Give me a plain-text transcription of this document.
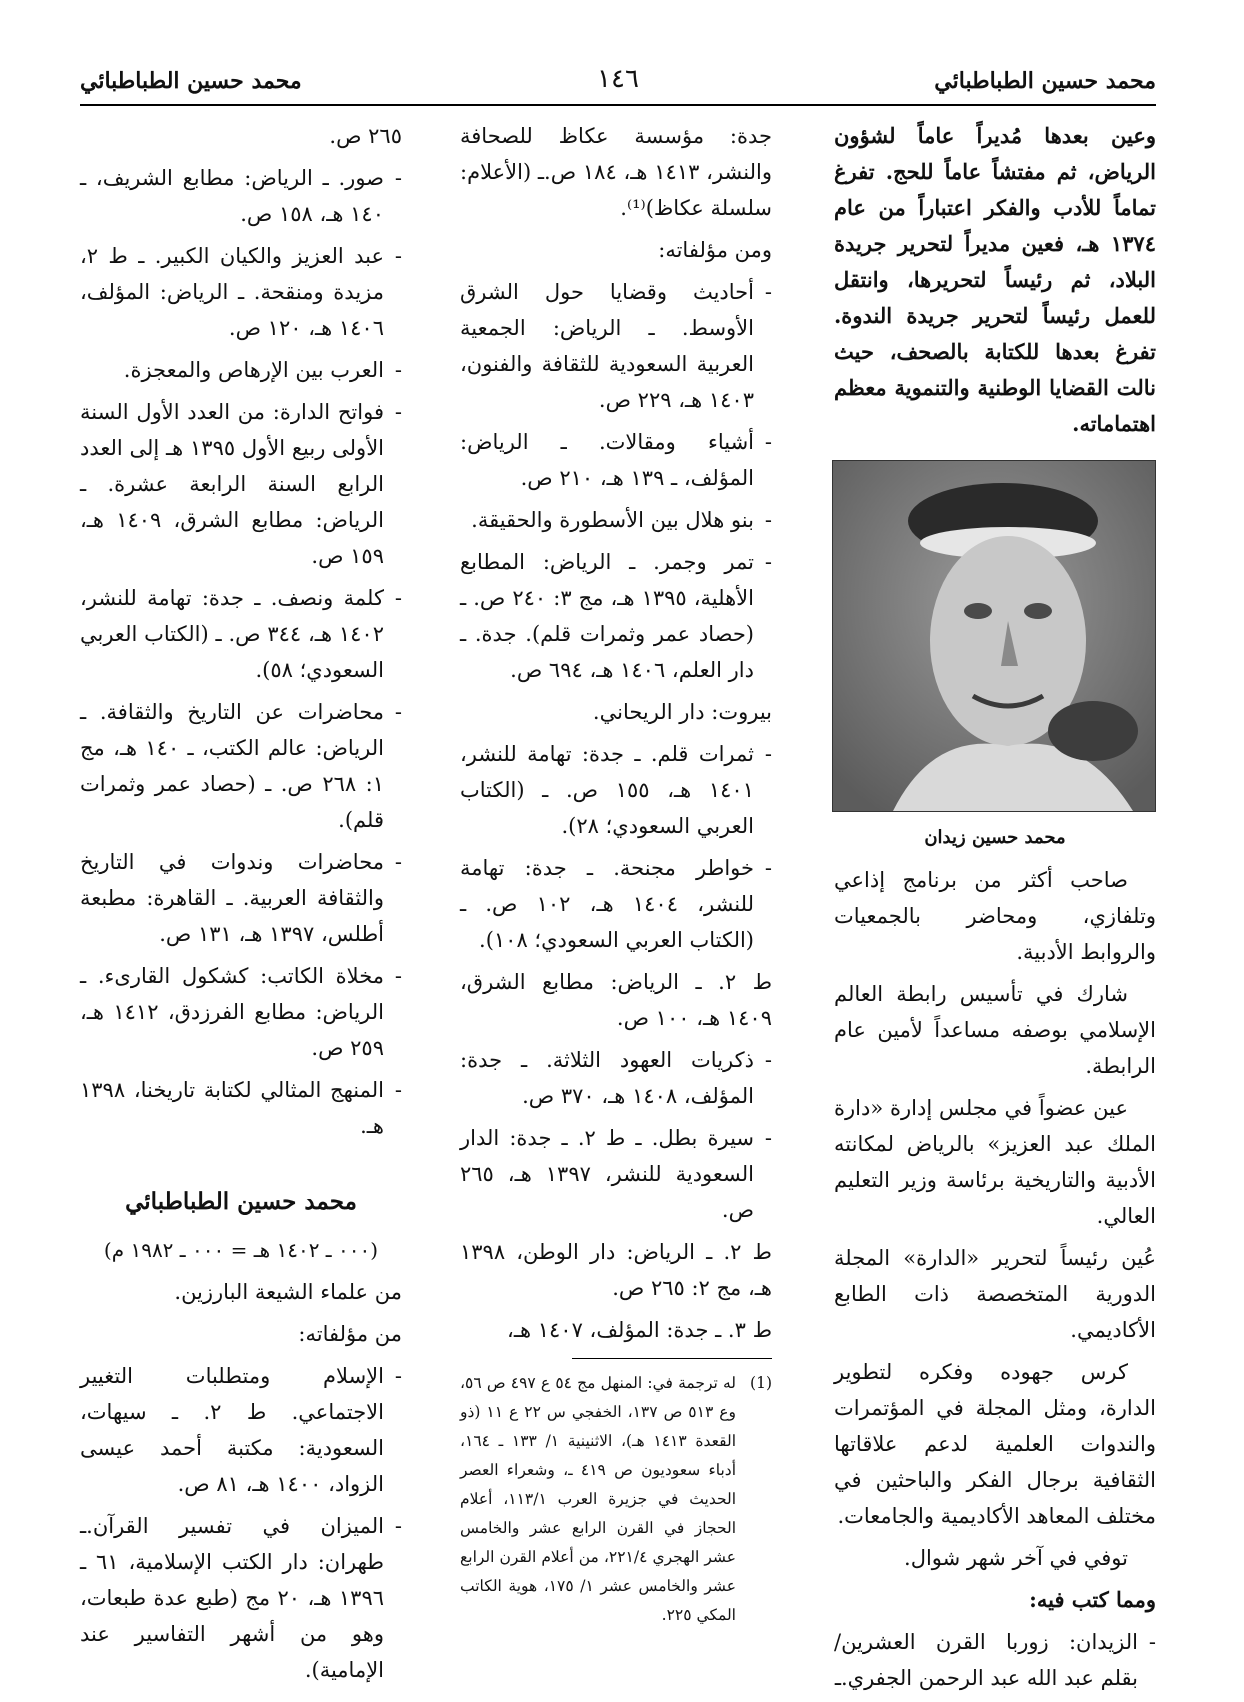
محمد حسين الطباطبائي
١٤٦
محمد حسين الطباطبائي

وعين بعدها مُديراً عاماً لشؤون الرياض، ثم مفتشاً عاماً للحج. تفرغ تماماً للأدب والفكر اعتباراً من عام ١٣٧٤ هـ، فعين مديراً لتحرير جريدة البلاد، ثم رئيساً لتحريرها، وانتقل للعمل رئيساً لتحرير جريدة الندوة. تفرغ بعدها للكتابة بالصحف، حيث نالت القضايا الوطنية والتنموية معظم اهتماماته.

محمد حسين زيدان

صاحب أكثر من برنامج إذاعي وتلفازي، ومحاضر بالجمعيات والروابط الأدبية.

شارك في تأسيس رابطة العالم الإسلامي بوصفه مساعداً لأمين عام الرابطة.

عين عضواً في مجلس إدارة «دارة الملك عبد العزيز» بالرياض لمكانته الأدبية والتاريخية برئاسة وزير التعليم العالي.

عُين رئيساً لتحرير «الدارة» المجلة الدورية المتخصصة ذات الطابع الأكاديمي.

كرس جهوده وفكره لتطوير الدارة، ومثل المجلة في المؤتمرات والندوات العلمية لدعم علاقاتها الثقافية برجال الفكر والباحثين في مختلف المعاهد الأكاديمية والجامعات.

توفي في آخر شهر شوال.

ومما كتب فيه:

- الزيدان: زوربا القرن العشرين/ بقلم عبد الله عبد الرحمن الجفري.ـ

جدة: مؤسسة عكاظ للصحافة والنشر، ١٤١٣ هـ، ١٨٤ ص.ـ (الأعلام: سلسلة عكاظ)⁽¹⁾.

ومن مؤلفاته:

- أحاديث وقضايا حول الشرق الأوسط. ـ الرياض: الجمعية العربية السعودية للثقافة والفنون، ١٤٠٣ هـ، ٢٢٩ ص.

- أشياء ومقالات. ـ الرياض: المؤلف، ـ ١٣٩ هـ، ٢١٠ ص.

- بنو هلال بين الأسطورة والحقيقة.

- تمر وجمر. ـ الرياض: المطابع الأهلية، ١٣٩٥ هـ، مج ٣: ٢٤٠ ص. ـ (حصاد عمر وثمرات قلم). جدة. ـ دار العلم، ١٤٠٦ هـ، ٦٩٤ ص.

بيروت: دار الريحاني.

- ثمرات قلم. ـ جدة: تهامة للنشر، ١٤٠١ هـ، ١٥٥ ص. ـ (الكتاب العربي السعودي؛ ٢٨).

- خواطر مجنحة. ـ جدة: تهامة للنشر، ١٤٠٤ هـ، ١٠٢ ص. ـ (الكتاب العربي السعودي؛ ١٠٨).

ط ٢. ـ الرياض: مطابع الشرق، ١٤٠٩ هـ، ١٠٠ ص.

- ذكريات العهود الثلاثة. ـ جدة: المؤلف، ١٤٠٨ هـ، ٣٧٠ ص.

- سيرة بطل. ـ ط ٢. ـ جدة: الدار السعودية للنشر، ١٣٩٧ هـ، ٢٦٥ ص.

ط ٢. ـ الرياض: دار الوطن، ١٣٩٨ هـ، مج ٢: ٢٦٥ ص.

ط ٣. ـ جدة: المؤلف، ١٤٠٧ هـ،

(1)
له ترجمة في: المنهل مج ٥٤ ع ٤٩٧ ص ٥٦، وع ٥١٣ ص ١٣٧، الخفجي س ٢٢ ع ١١ (ذو القعدة ١٤١٣ هـ)، الاثنينية ١/ ١٣٣ ـ ١٦٤، أدباء سعوديون ص ٤١٩ ـ، وشعراء العصر الحديث في جزيرة العرب ١١٣/١، أعلام الحجاز في القرن الرابع عشر والخامس عشر الهجري ٢٢١/٤، من أعلام القرن الرابع عشر والخامس عشر ١/ ١٧٥، هوية الكاتب المكي ٢٢٥.

٢٦٥ ص.

- صور. ـ الرياض: مطابع الشريف، ـ ١٤٠ هـ، ١٥٨ ص.

- عبد العزيز والكيان الكبير. ـ ط ٢، مزيدة ومنقحة. ـ الرياض: المؤلف، ١٤٠٦ هـ، ١٢٠ ص.

- العرب بين الإرهاص والمعجزة.

- فواتح الدارة: من العدد الأول السنة الأولى ربيع الأول ١٣٩٥ هـ إلى العدد الرابع السنة الرابعة عشرة. ـ الرياض: مطابع الشرق، ١٤٠٩ هـ، ١٥٩ ص.

- كلمة ونصف. ـ جدة: تهامة للنشر، ١٤٠٢ هـ، ٣٤٤ ص. ـ (الكتاب العربي السعودي؛ ٥٨).

- محاضرات عن التاريخ والثقافة. ـ الرياض: عالم الكتب، ـ ١٤٠ هـ، مج ١: ٢٦٨ ص. ـ (حصاد عمر وثمرات قلم).

- محاضرات وندوات في التاريخ والثقافة العربية. ـ القاهرة: مطبعة أطلس، ١٣٩٧ هـ، ١٣١ ص.

- مخلاة الكاتب: كشكول القارىء. ـ الرياض: مطابع الفرزدق، ١٤١٢ هـ، ٢٥٩ ص.

- المنهج المثالي لكتابة تاريخنا، ١٣٩٨ هـ.

محمد حسين الطباطبائي
(٠٠٠ ـ ١٤٠٢ هـ = ٠٠٠ ـ ١٩٨٢ م)

من علماء الشيعة البارزين.

من مؤلفاته:

- الإسلام ومتطلبات التغيير الاجتماعي. ط ٢. ـ سيهات، السعودية: مكتبة أحمد عيسى الزواد، ١٤٠٠ هـ، ٨١ ص.

- الميزان في تفسير القرآن.ـ طهران: دار الكتب الإسلامية، ٦١ ـ ١٣٩٦ هـ، ٢٠ مج (طبع عدة طبعات، وهو من أشهر التفاسير عند الإمامية).
